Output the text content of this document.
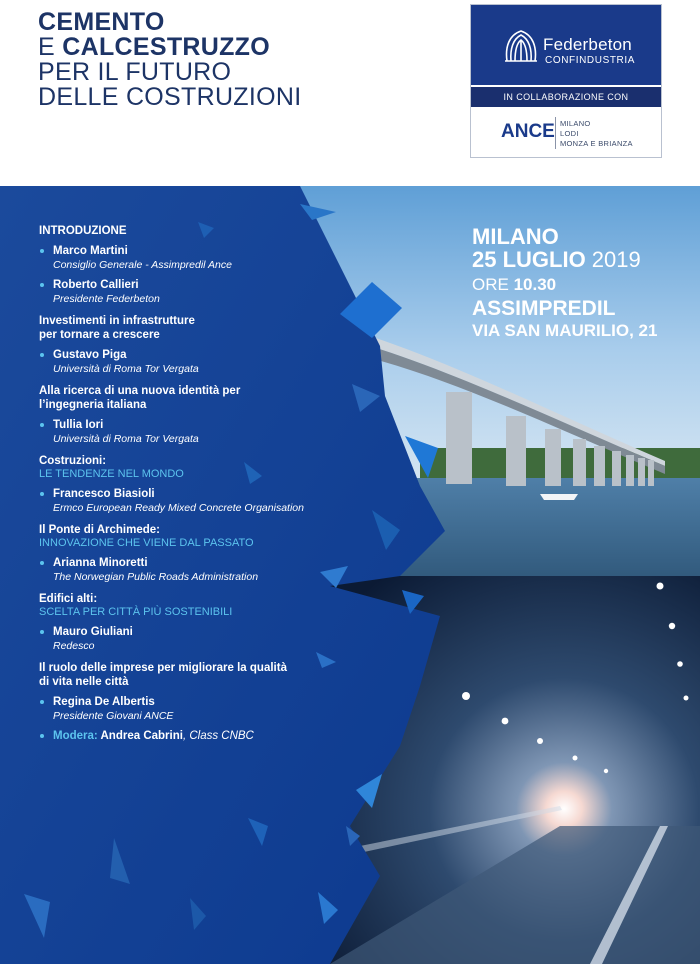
CEMENTO
E CALCESTRUZZO
PER IL FUTURO
DELLE COSTRUZIONI
Federbeton
CONFINDUSTRIA
IN COLLABORAZIONE CON
ANCE MILANO
LODI
MONZA E BRIANZA
MILANO
25 LUGLIO 2019
ORE 10.30
ASSIMPREDIL
VIA SAN MAURILIO, 21
INTRODUZIONE
Marco Martini
Consiglio Generale - Assimpredil Ance
Roberto Callieri
Presidente Federbeton
Investimenti in infrastrutture
per tornare a crescere
Gustavo Piga
Università di Roma Tor Vergata
Alla ricerca di una nuova identità per
l’ingegneria italiana
Tullia Iori
Università di Roma Tor Vergata
Costruzioni:
LE TENDENZE NEL MONDO
Francesco Biasioli
Ermco European Ready Mixed Concrete Organisation
Il Ponte di Archimede:
INNOVAZIONE CHE VIENE DAL PASSATO
Arianna Minoretti
The Norwegian Public Roads Administration
Edifici alti:
SCELTA PER CITTÀ PIÙ SOSTENIBILI
Mauro Giuliani
Redesco
Il ruolo delle imprese per migliorare la qualità
di vita nelle città
Regina De Albertis
Presidente Giovani ANCE
Modera: Andrea Cabrini, Class CNBC
